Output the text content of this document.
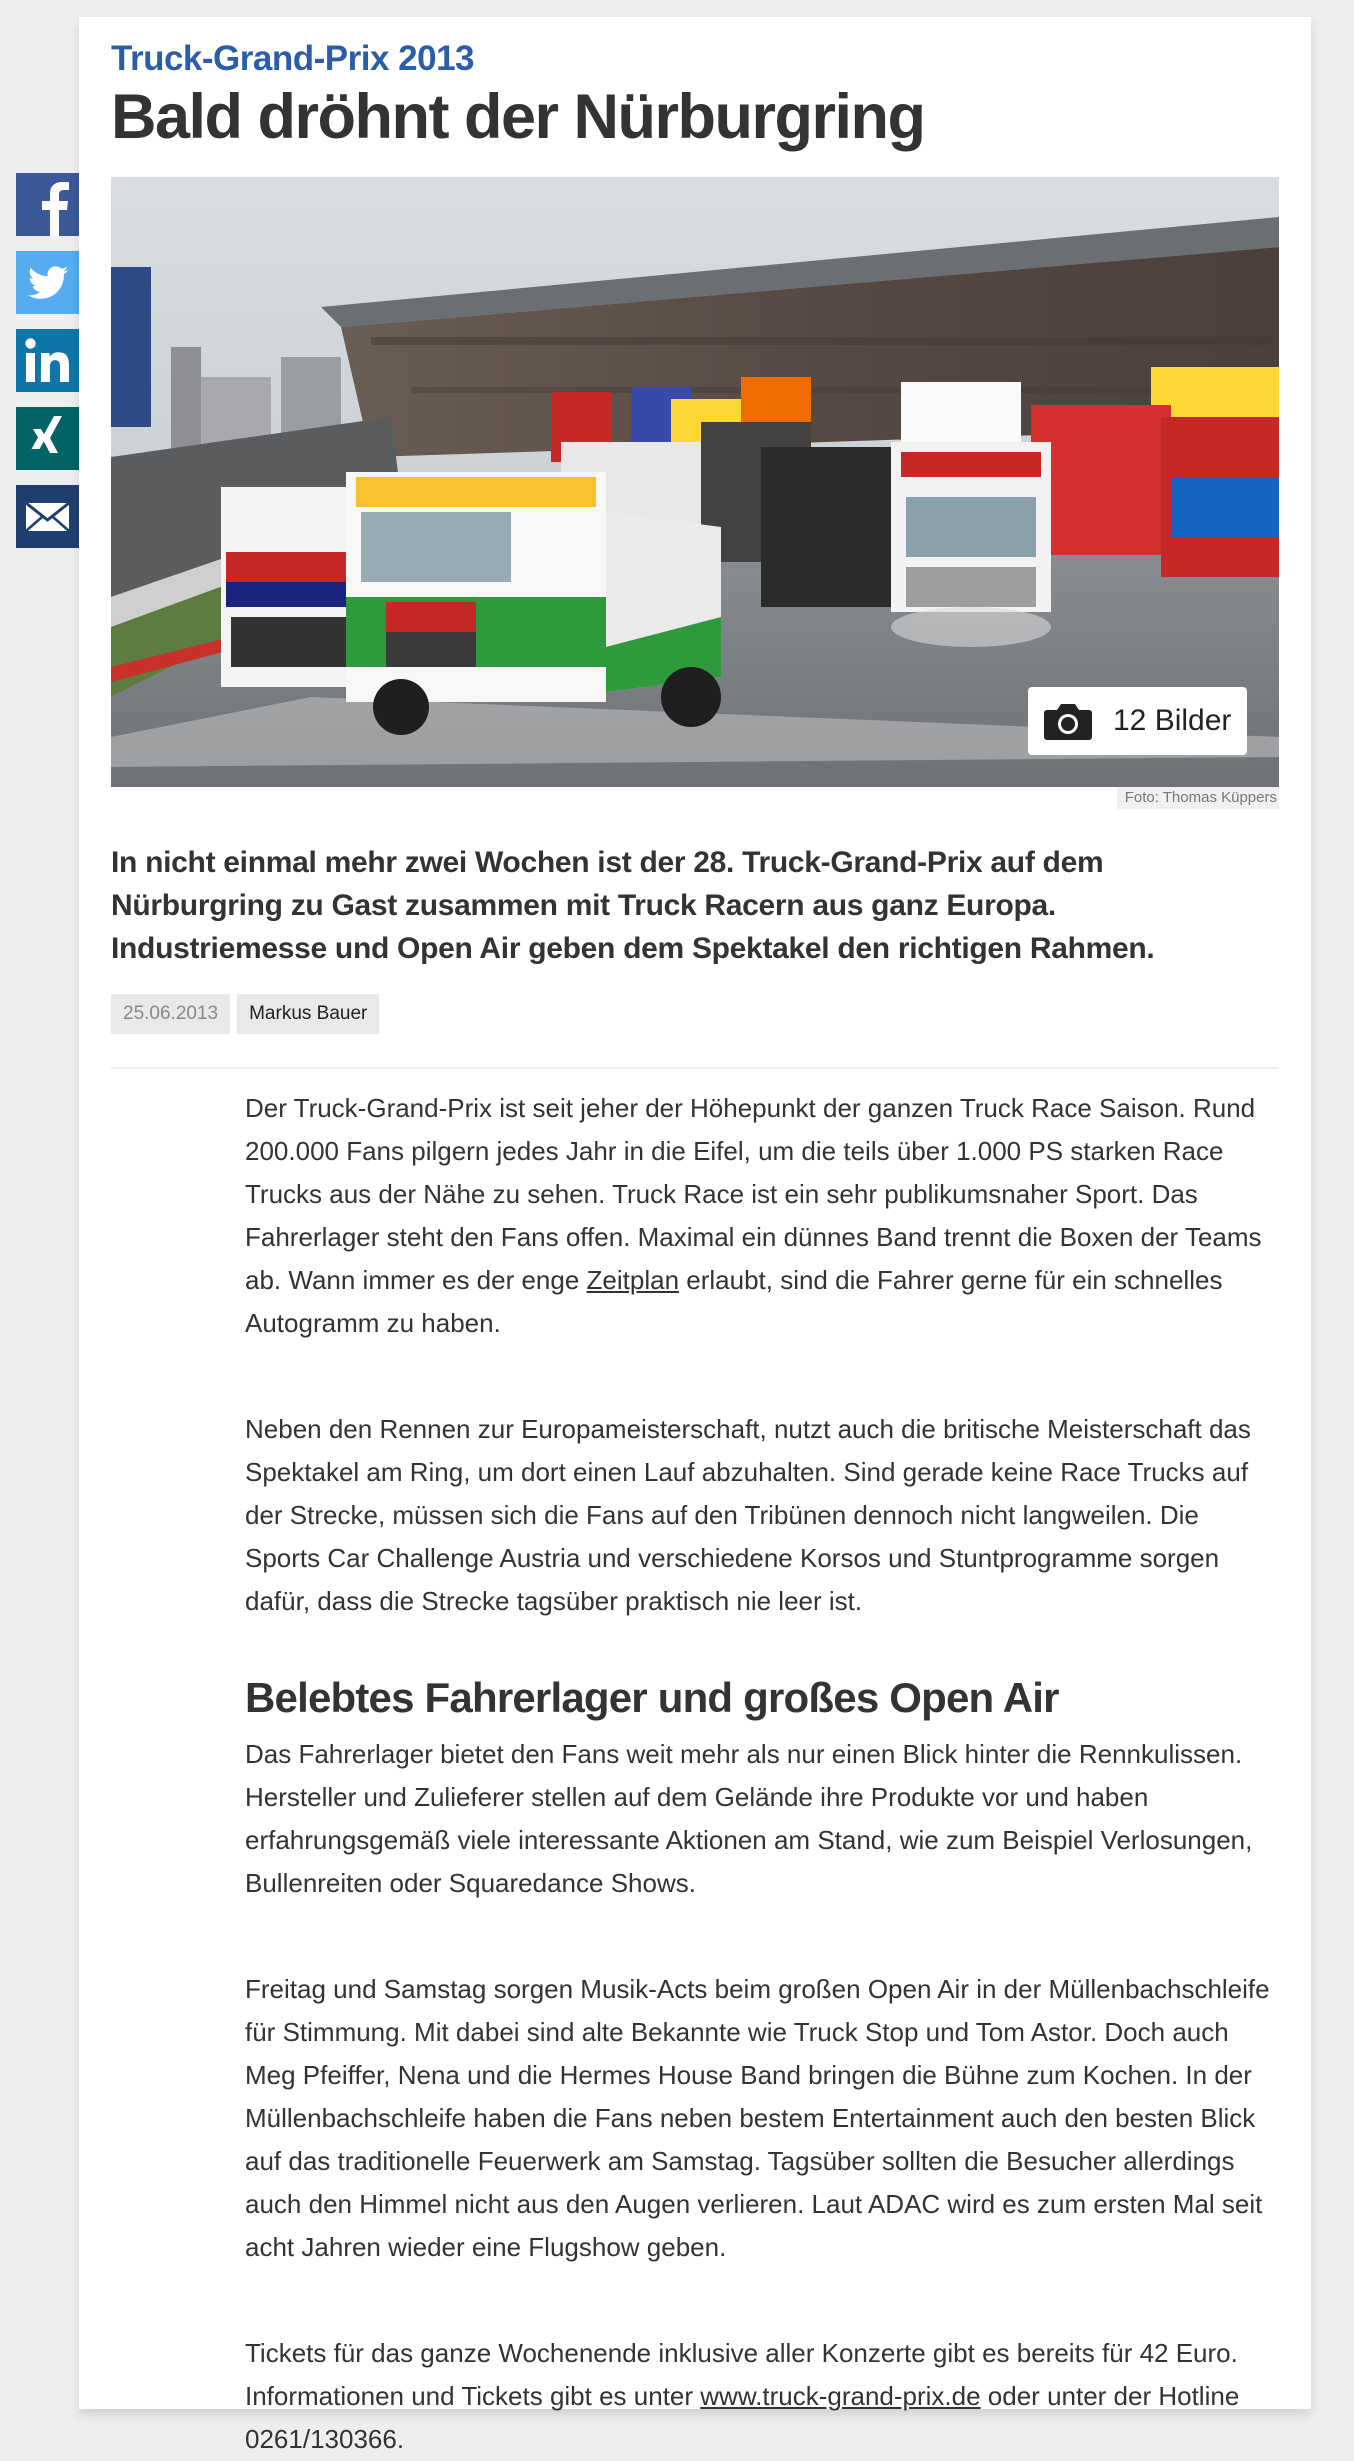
Truck-Grand-Prix 2013
Bald dröhnt der Nürburgring
12 Bilder
Foto: Thomas Küppers

In nicht einmal mehr zwei Wochen ist der 28. Truck-Grand-Prix auf dem Nürburgring zu Gast zusammen mit Truck Racern aus ganz Europa. Industriemesse und Open Air geben dem Spektakel den richtigen Rahmen.

25.06.2013 Markus Bauer

Der Truck-Grand-Prix ist seit jeher der Höhepunkt der ganzen Truck Race Saison. Rund 200.000 Fans pilgern jedes Jahr in die Eifel, um die teils über 1.000 PS starken Race Trucks aus der Nähe zu sehen. Truck Race ist ein sehr publikumsnaher Sport. Das Fahrerlager steht den Fans offen. Maximal ein dünnes Band trennt die Boxen der Teams ab. Wann immer es der enge Zeitplan erlaubt, sind die Fahrer gerne für ein schnelles Autogramm zu haben.

Neben den Rennen zur Europameisterschaft, nutzt auch die britische Meisterschaft das Spektakel am Ring, um dort einen Lauf abzuhalten. Sind gerade keine Race Trucks auf der Strecke, müssen sich die Fans auf den Tribünen dennoch nicht langweilen. Die Sports Car Challenge Austria und verschiedene Korsos und Stuntprogramme sorgen dafür, dass die Strecke tagsüber praktisch nie leer ist.

Belebtes Fahrerlager und großes Open Air

Das Fahrerlager bietet den Fans weit mehr als nur einen Blick hinter die Rennkulissen. Hersteller und Zulieferer stellen auf dem Gelände ihre Produkte vor und haben erfahrungsgemäß viele interessante Aktionen am Stand, wie zum Beispiel Verlosungen, Bullenreiten oder Squaredance Shows.

Freitag und Samstag sorgen Musik-Acts beim großen Open Air in der Müllenbachschleife für Stimmung. Mit dabei sind alte Bekannte wie Truck Stop und Tom Astor. Doch auch Meg Pfeiffer, Nena und die Hermes House Band bringen die Bühne zum Kochen. In der Müllenbachschleife haben die Fans neben bestem Entertainment auch den besten Blick auf das traditionelle Feuerwerk am Samstag. Tagsüber sollten die Besucher allerdings auch den Himmel nicht aus den Augen verlieren. Laut ADAC wird es zum ersten Mal seit acht Jahren wieder eine Flugshow geben.

Tickets für das ganze Wochenende inklusive aller Konzerte gibt es bereits für 42 Euro. Informationen und Tickets gibt es unter www.truck-grand-prix.de oder unter der Hotline 0261/130366.
